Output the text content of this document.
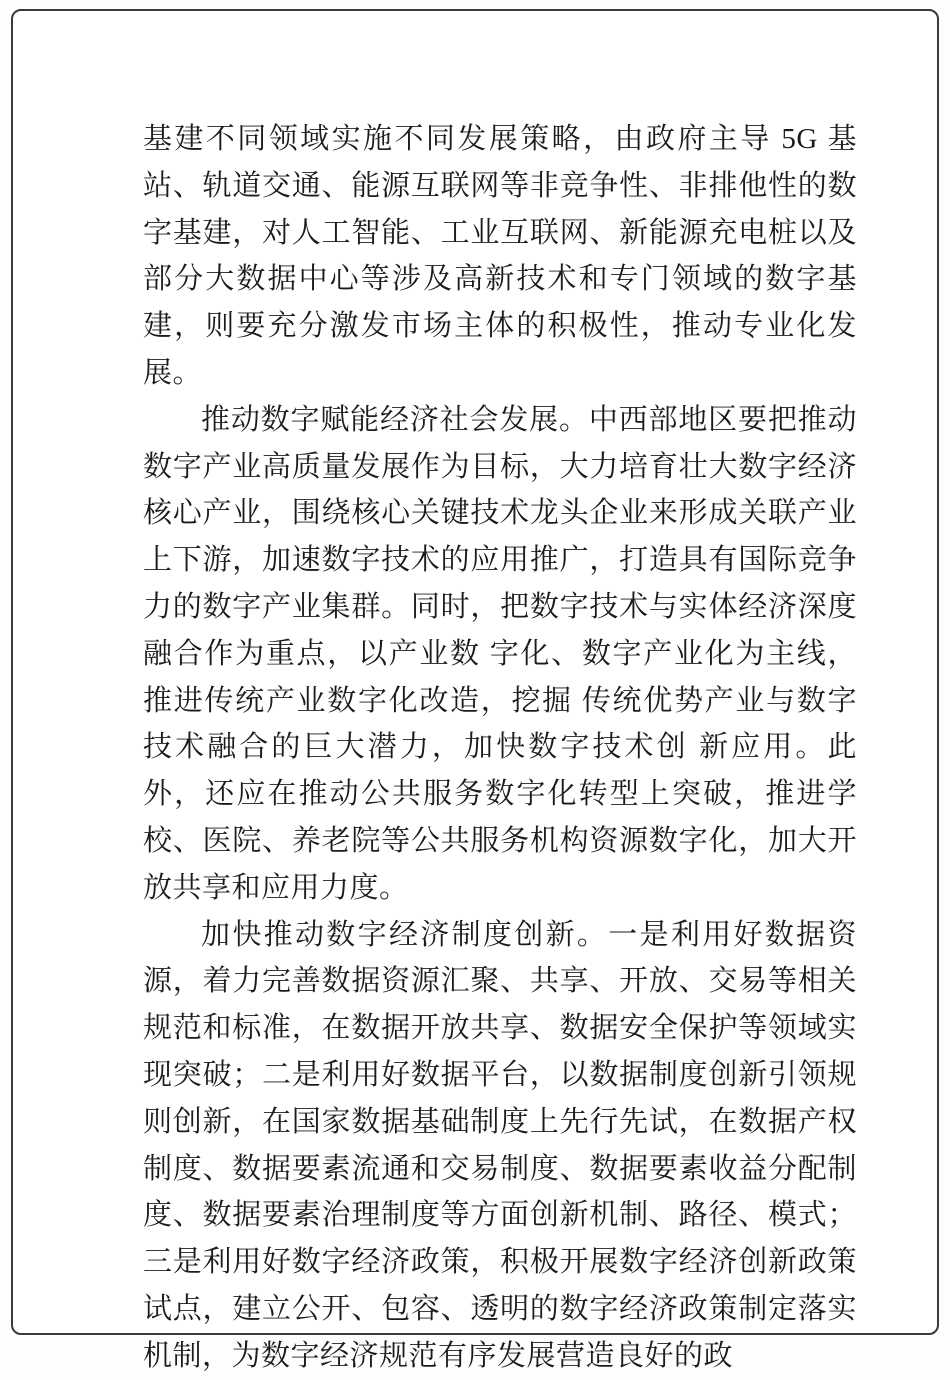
基建不同领域实施不同发展策略，由政府主导 5G 基站、轨道交通、能源互联网等非竞争性、非排他性的数字基建，对人工智能、工业互联网、新能源充电桩以及部分大数据中心等涉及高新技术和专门领域的数字基建，则要充分激发市场主体的积极性，推动专业化发展。

推动数字赋能经济社会发展。中西部地区要把推动数字产业高质量发展作为目标，大力培育壮大数字经济核心产业，围绕核心关键技术龙头企业来形成关联产业上下游，加速数字技术的应用推广，打造具有国际竞争力的数字产业集群。同时，把数字技术与实体经济深度融合作为重点，以产业数 字化、数字产业化为主线，推进传统产业数字化改造，挖掘 传统优势产业与数字技术融合的巨大潜力，加快数字技术创 新应用。此外，还应在推动公共服务数字化转型上突破，推进学校、医院、养老院等公共服务机构资源数字化，加大开放共享和应用力度。

加快推动数字经济制度创新。一是利用好数据资源，着力完善数据资源汇聚、共享、开放、交易等相关规范和标准，在数据开放共享、数据安全保护等领域实现突破；二是利用好数据平台，以数据制度创新引领规则创新，在国家数据基础制度上先行先试，在数据产权制度、数据要素流通和交易制度、数据要素收益分配制度、数据要素治理制度等方面创新机制、路径、模式；三是利用好数字经济政策，积极开展数字经济创新政策试点，建立公开、包容、透明的数字经济政策制定落实机制，为数字经济规范有序发展营造良好的政
